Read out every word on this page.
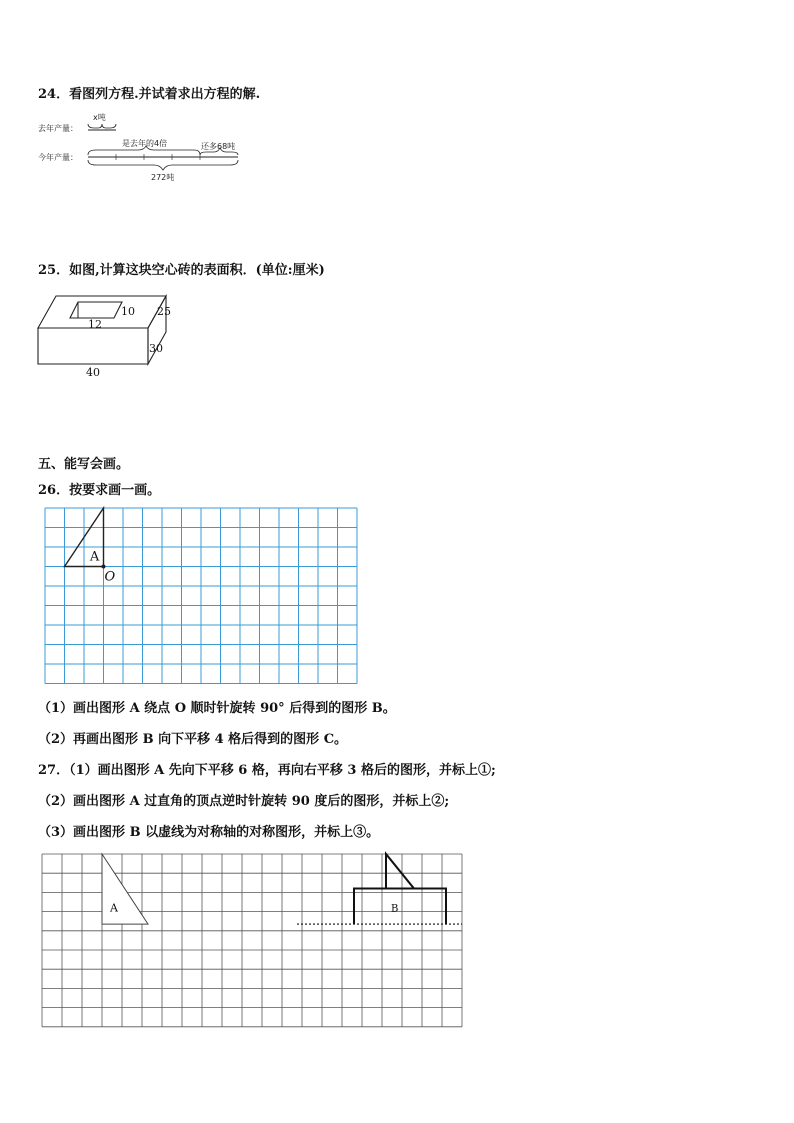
24．看图列方程.并试着求出方程的解.
去年产量：
x吨
今年产量：
是去年的4倍	还多68吨
272吨
25．如图,计算这块空心砖的表面积．(单位:厘米)
12
10 25
30
40
五、能写会画。
26．按要求画一画。
A
O
（1）画出图形 A 绕点 O 顺时针旋转 90° 后得到的图形 B。
（2）再画出图形 B 向下平移 4 格后得到的图形 C。
27．（1）画出图形 A 先向下平移 6 格，再向右平移 3 格后的图形，并标上①;
（2）画出图形 A 过直角的顶点逆时针旋转 90 度后的图形，并标上②;
（3）画出图形 B 以虚线为对称轴的对称图形，并标上③。
A	B
